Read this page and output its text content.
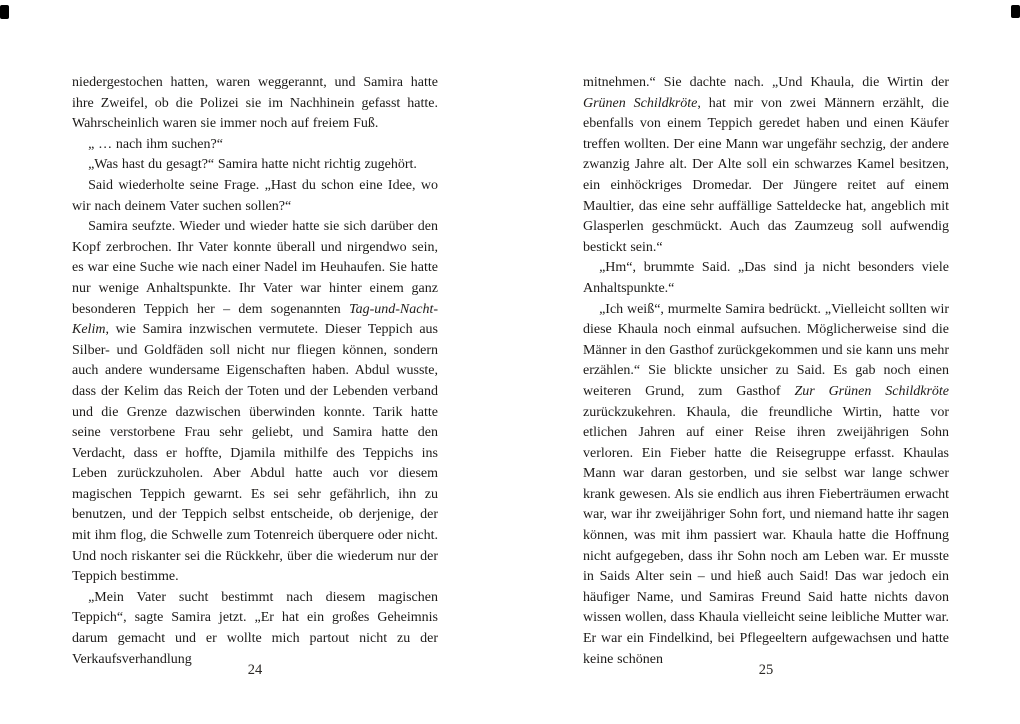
niedergestochen hatten, waren weggerannt, und Samira hatte ihre Zweifel, ob die Polizei sie im Nachhinein gefasst hatte. Wahrscheinlich waren sie immer noch auf freiem Fuß.

„ … nach ihm suchen?“

„Was hast du gesagt?“ Samira hatte nicht richtig zugehört.

Said wiederholte seine Frage. „Hast du schon eine Idee, wo wir nach deinem Vater suchen sollen?“

Samira seufzte. Wieder und wieder hatte sie sich darüber den Kopf zerbrochen. Ihr Vater konnte überall und nirgendwo sein, es war eine Suche wie nach einer Nadel im Heuhaufen. Sie hatte nur wenige Anhaltspunkte. Ihr Vater war hinter einem ganz besonderen Teppich her – dem sogenannten Tag-und-Nacht-Kelim, wie Samira inzwischen vermutete. Dieser Teppich aus Silber- und Goldfäden soll nicht nur fliegen können, sondern auch andere wundersame Eigenschaften haben. Abdul wusste, dass der Kelim das Reich der Toten und der Lebenden verband und die Grenze dazwischen überwinden konnte. Tarik hatte seine verstorbene Frau sehr geliebt, und Samira hatte den Verdacht, dass er hoffte, Djamila mithilfe des Teppichs ins Leben zurückzuholen. Aber Abdul hatte auch vor diesem magischen Teppich gewarnt. Es sei sehr gefährlich, ihn zu benutzen, und der Teppich selbst entscheide, ob derjenige, der mit ihm flog, die Schwelle zum Totenreich überquere oder nicht. Und noch riskanter sei die Rückkehr, über die wiederum nur der Teppich bestimme.

„Mein Vater sucht bestimmt nach diesem magischen Teppich“, sagte Samira jetzt. „Er hat ein großes Geheimnis darum gemacht und er wollte mich partout nicht zu der Verkaufsverhandlung

24

mitnehmen.“ Sie dachte nach. „Und Khaula, die Wirtin der Grünen Schildkröte, hat mir von zwei Männern erzählt, die ebenfalls von einem Teppich geredet haben und einen Käufer treffen wollten. Der eine Mann war ungefähr sechzig, der andere zwanzig Jahre alt. Der Alte soll ein schwarzes Kamel besitzen, ein einhöckriges Dromedar. Der Jüngere reitet auf einem Maultier, das eine sehr auffällige Satteldecke hat, angeblich mit Glasperlen geschmückt. Auch das Zaumzeug soll aufwendig bestickt sein.“

„Hm“, brummte Said. „Das sind ja nicht besonders viele Anhaltspunkte.“

„Ich weiß“, murmelte Samira bedrückt. „Vielleicht sollten wir diese Khaula noch einmal aufsuchen. Möglicherweise sind die Männer in den Gasthof zurückgekommen und sie kann uns mehr erzählen.“ Sie blickte unsicher zu Said. Es gab noch einen weiteren Grund, zum Gasthof Zur Grünen Schildkröte zurückzukehren. Khaula, die freundliche Wirtin, hatte vor etlichen Jahren auf einer Reise ihren zweijährigen Sohn verloren. Ein Fieber hatte die Reisegruppe erfasst. Khaulas Mann war daran gestorben, und sie selbst war lange schwer krank gewesen. Als sie endlich aus ihren Fieberträumen erwacht war, war ihr zweijähriger Sohn fort, und niemand hatte ihr sagen können, was mit ihm passiert war. Khaula hatte die Hoffnung nicht aufgegeben, dass ihr Sohn noch am Leben war. Er musste in Saids Alter sein – und hieß auch Said! Das war jedoch ein häufiger Name, und Samiras Freund Said hatte nichts davon wissen wollen, dass Khaula vielleicht seine leibliche Mutter war. Er war ein Findelkind, bei Pflegeeltern aufgewachsen und hatte keine schönen

25
